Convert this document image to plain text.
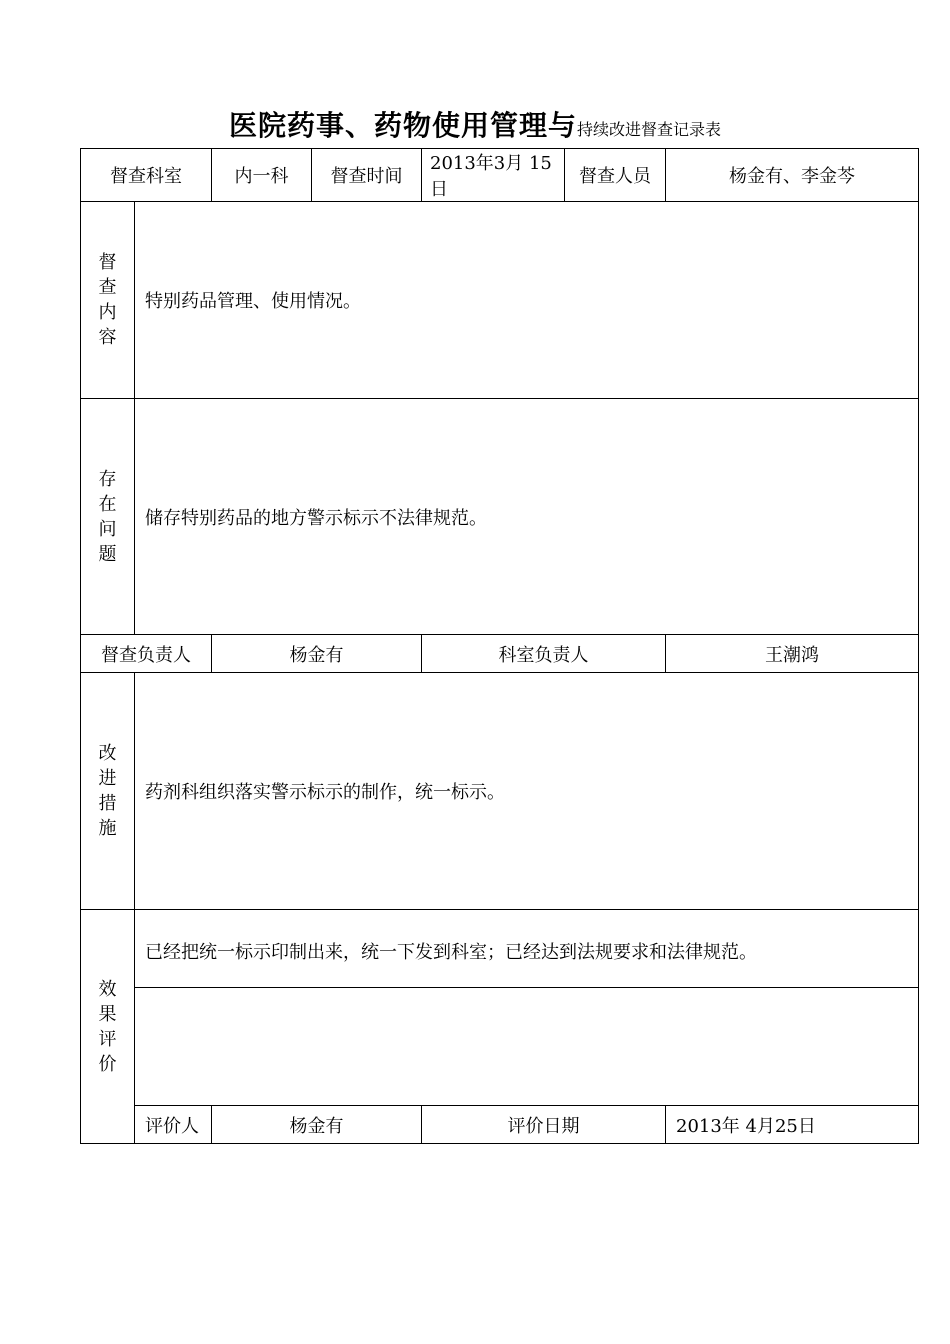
医院药事、药物使用管理与持续改进督查记录表
督查科室		内一科	督查时间	2013年3月 15日	督查人员	杨金有、李金芩

督
查
内
容	特别药品管理、使用情况。					

存
在
问
题	储存特别药品的地方警示标示不法律规范。					
督查负责人		杨金有		科室负责人		王潮鸿

改
进
措
施	药剂科组织落实警示标示的制作，统一标示。					

效
果
评
价	已经把统一标示印制出来，统一下发到科室；已经达到法规要求和法律规范。					

	评价人	杨金有		评价日期		2013年 4月25日
